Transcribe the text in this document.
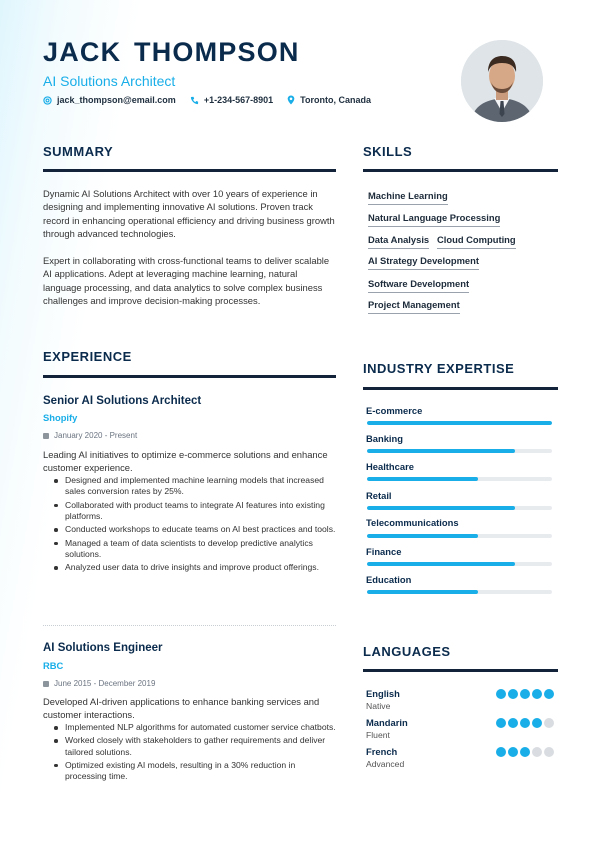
JACK THOMPSON
AI Solutions Architect
jack_thompson@email.com	+1-234-567-8901	Toronto, Canada
SUMMARY
Dynamic AI Solutions Architect with over 10 years of experience in designing and implementing innovative AI solutions. Proven track record in enhancing operational efficiency and driving business growth through advanced technologies.
Expert in collaborating with cross-functional teams to deliver scalable AI applications. Adept at leveraging machine learning, natural language processing, and data analytics to solve complex business challenges and improve decision-making processes.
SKILLS
Machine Learning
Natural Language Processing
Data Analysis Cloud Computing
AI Strategy Development
Software Development
Project Management
EXPERIENCE
Senior AI Solutions Architect
Shopify
January 2020 - Present
Leading AI initiatives to optimize e-commerce solutions and enhance customer experience.
Designed and implemented machine learning models that increased sales conversion rates by 25%.
Collaborated with product teams to integrate AI features into existing platforms.
Conducted workshops to educate teams on AI best practices and tools.
Managed a team of data scientists to develop predictive analytics solutions.
Analyzed user data to drive insights and improve product offerings.
AI Solutions Engineer
RBC
June 2015 - December 2019
Developed AI-driven applications to enhance banking services and customer interactions.
Implemented NLP algorithms for automated customer service chatbots.
Worked closely with stakeholders to gather requirements and deliver tailored solutions.
Optimized existing AI models, resulting in a 30% reduction in processing time.
INDUSTRY EXPERTISE
E-commerce
Banking
Healthcare
Retail
Telecommunications
Finance
Education
LANGUAGES
English
Native
Mandarin
Fluent
French
Advanced
